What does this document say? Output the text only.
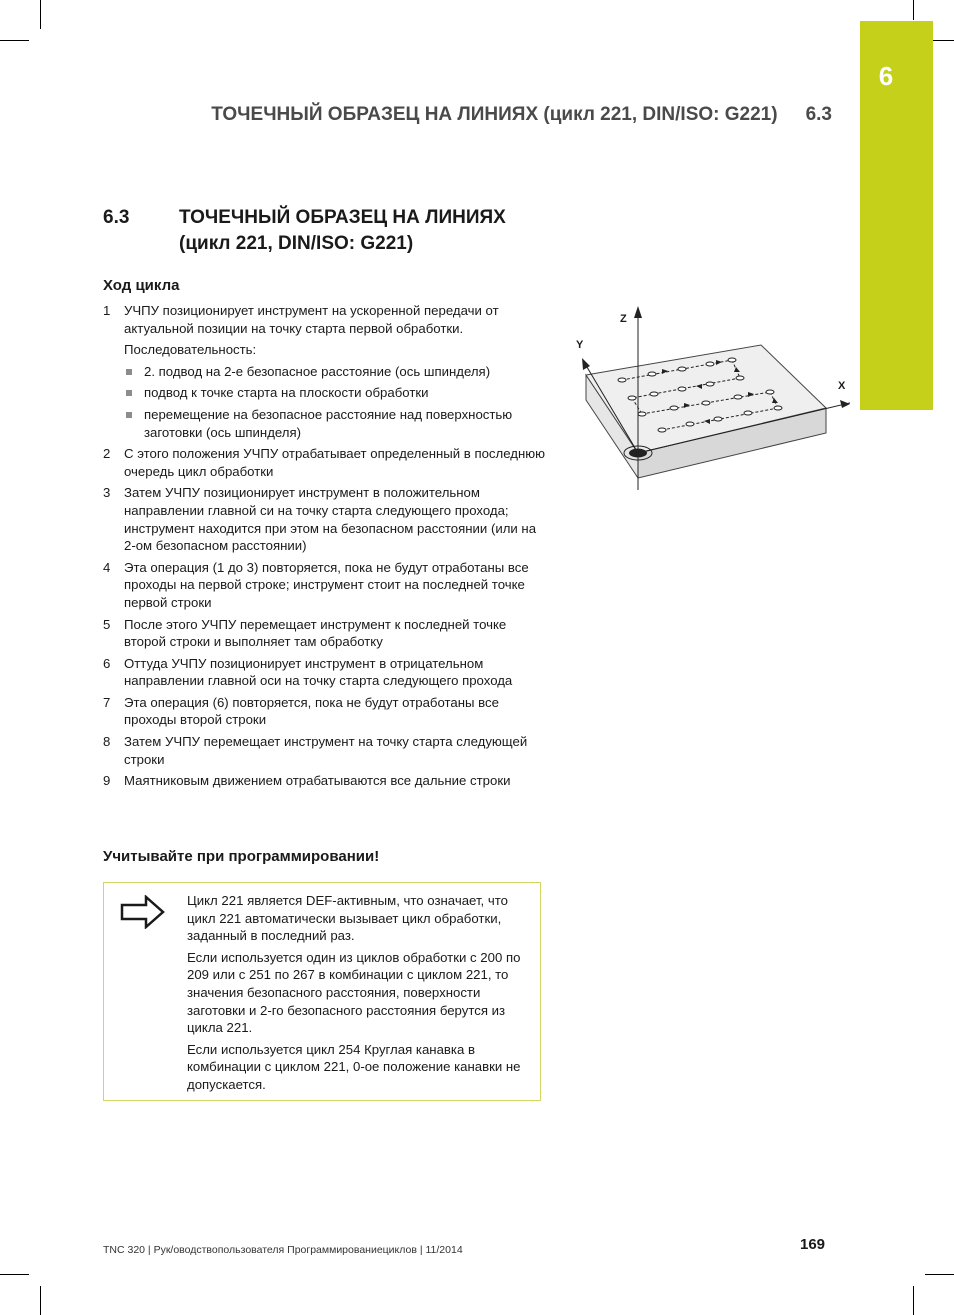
6
ТОЧЕЧНЫЙ ОБРАЗЕЦ НА ЛИНИЯХ (цикл 221, DIN/ISO: G221) 6.3
6.3	ТОЧЕЧНЫЙ ОБРАЗЕЦ НА ЛИНИЯХ
(цикл 221, DIN/ISO: G221)
Ход цикла
1 УЧПУ позиционирует инструмент на ускоренной передачи от актуальной позиции на точку старта первой обработки.
Последовательность:
2. подвод на 2-е безопасное расстояние (ось шпинделя)
подвод к точке старта на плоскости обработки
перемещение на безопасное расстояние над поверхностью заготовки (ось шпинделя)
2 С этого положения УЧПУ отрабатывает определенный в последнюю очередь цикл обработки
3 Затем УЧПУ позиционирует инструмент в положительном направлении главной си на точку старта следующего прохода; инструмент находится при этом на безопасном расстоянии (или на 2-ом безопасном расстоянии)
4 Эта операция (1 до 3) повторяется, пока не будут отработаны все проходы на первой строке; инструмент стоит на последней точке первой строки
5 После этого УЧПУ перемещает инструмент к последней точке второй строки и выполняет там обработку
6 Оттуда УЧПУ позиционирует инструмент в отрицательном направлении главной оси на точку старта следующего прохода
7 Эта операция (6) повторяется, пока не будут отработаны все проходы второй строки
8 Затем УЧПУ перемещает инструмент на точку старта следующей строки
9 Маятниковым движением отрабатываются все дальние строки
Учитывайте при программировании!

Цикл 221 является DEF-активным, что означает, что цикл 221 автоматически вызывает цикл обработки, заданный в последний раз.

Если используется один из циклов обработки с 200 по 209 или с 251 по 267 в комбинации с циклом 221, то значения безопасного расстояния, поверхности заготовки и 2-го безопасного расстояния берутся из цикла 221.

Если используется цикл 254 Круглая канавка в комбинации с циклом 221, 0-ое положение канавки не допускается.

Z
Y
X
TNC 320 | Рук/оводствопользователя Программированиециклов | 11/2014	169
